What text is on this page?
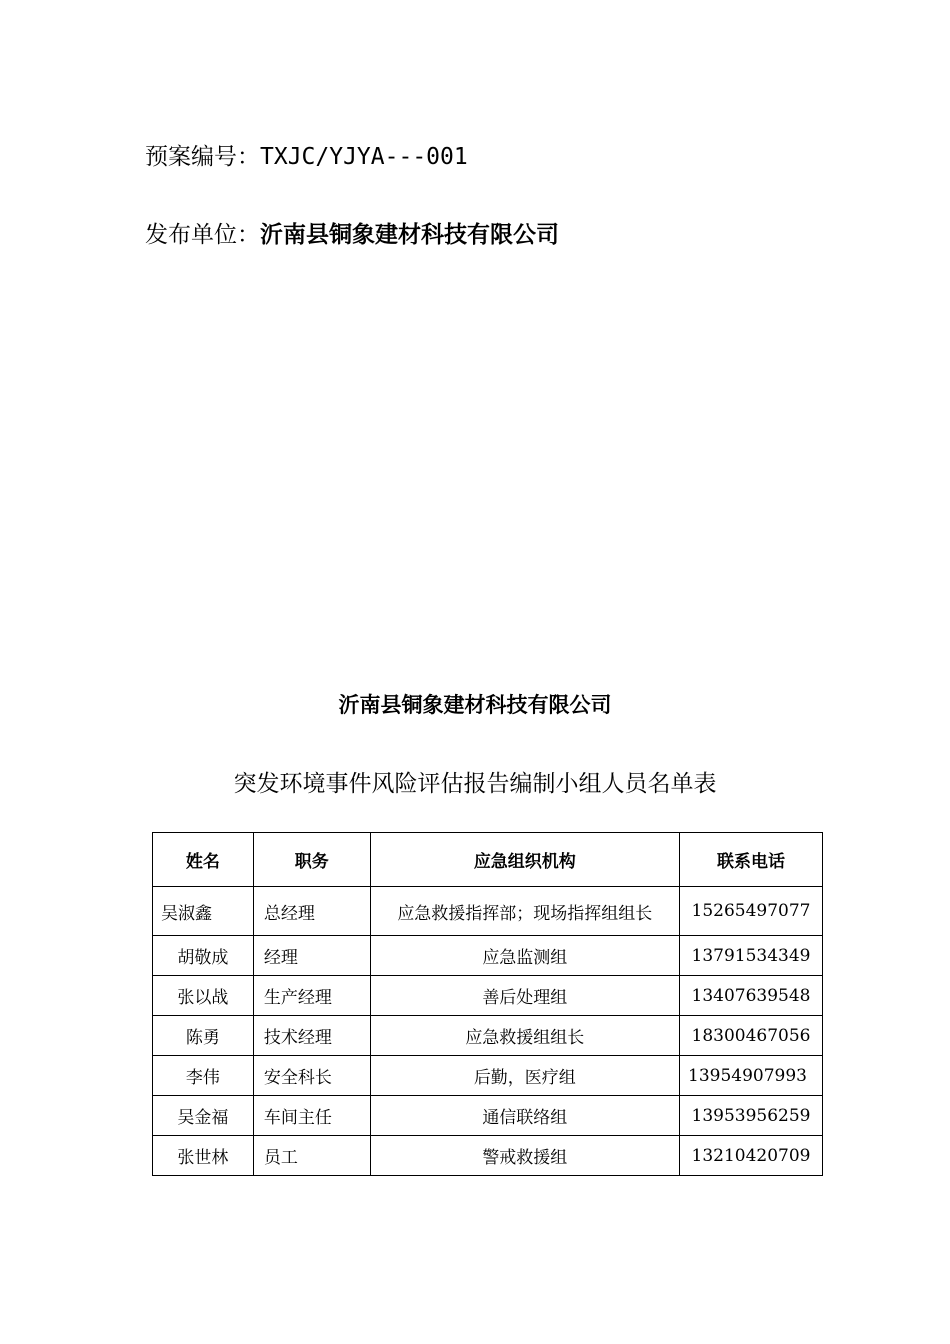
预案编号：TXJC/YJYA---001
发布单位：沂南县铜象建材科技有限公司
沂南县铜象建材科技有限公司
突发环境事件风险评估报告编制小组人员名单表
姓名	职务	应急组织机构	联系电话
吴淑鑫	总经理	应急救援指挥部；现场指挥组组长	15265497077
胡敬成	经理	应急监测组	13791534349
张以战	生产经理	善后处理组	13407639548
陈勇	技术经理	应急救援组组长	18300467056
李伟	安全科长	后勤，医疗组	13954907993
吴金福	车间主任	通信联络组	13953956259
张世林	员工	警戒救援组	13210420709
